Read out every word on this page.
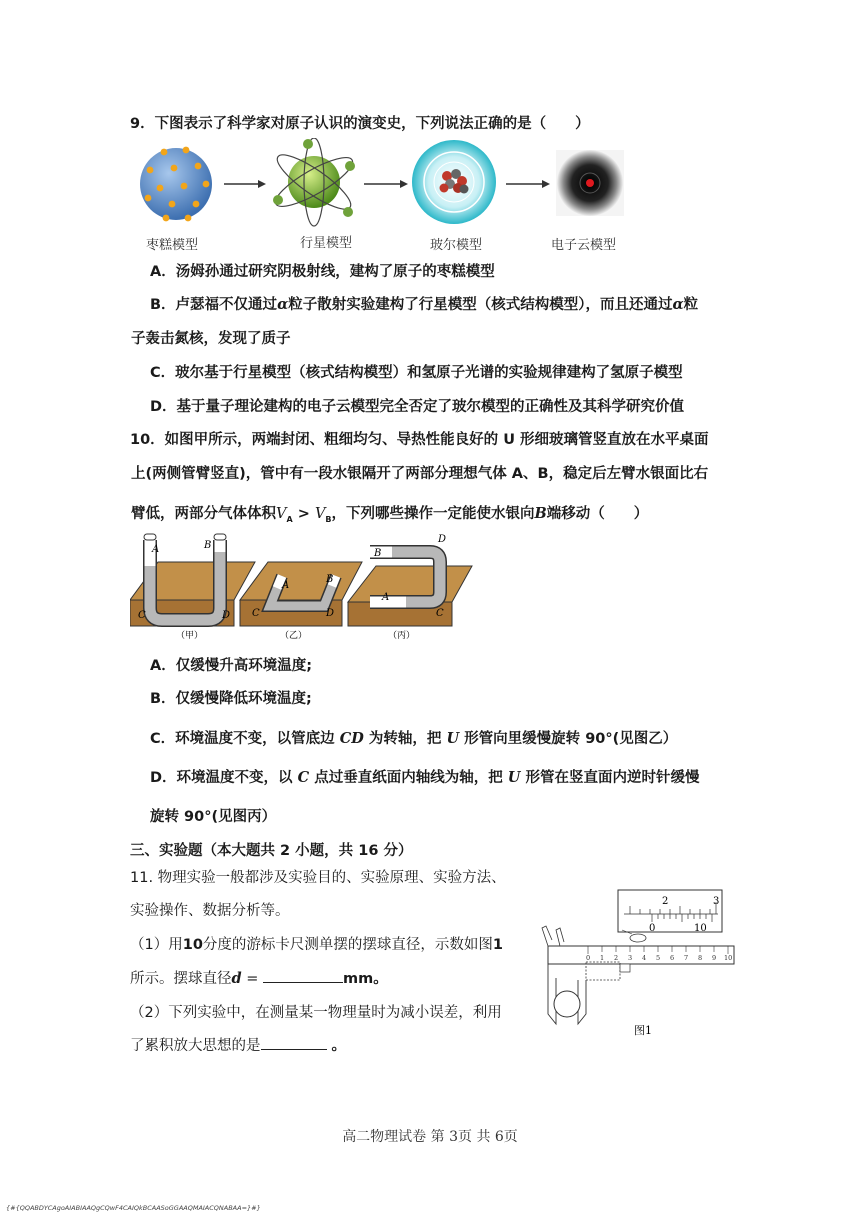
9．下图表示了科学家对原子认识的演变史，下列说法正确的是（　　）
枣糕模型	行星模型	玻尔模型	电子云模型
A．汤姆孙通过研究阴极射线，建构了原子的枣糕模型
B．卢瑟福不仅通过α粒子散射实验建构了行星模型（核式结构模型），而且还通过α粒
子轰击氮核，发现了质子
C．玻尔基于行星模型（核式结构模型）和氢原子光谱的实验规律建构了氢原子模型
D．基于量子理论建构的电子云模型完全否定了玻尔模型的正确性及其科学研究价值
10．如图甲所示，两端封闭、粗细均匀、导热性能良好的 U 形细玻璃管竖直放在水平桌面
上(两侧管臂竖直)，管中有一段水银隔开了两部分理想气体 A、B，稳定后左臂水银面比右
臂低，两部分气体体积$V_A > V_B$，下列哪些操作一定能使水银向B端移动（　　）
A	B
C	D
（甲）
A
B
C	D
（乙）
B
D
A
C
（丙）
A．仅缓慢升高环境温度;
B．仅缓慢降低环境温度;
C．环境温度不变，以管底边 CD 为转轴，把 U 形管向里缓慢旋转 90°(见图乙）
D．环境温度不变，以 C 点过垂直纸面内轴线为轴，把 U 形管在竖直面内逆时针缓慢
旋转 90°(见图丙）
三、实验题（本大题共 2 小题，共 16 分）
11. 物理实验一般都涉及实验目的、实验原理、实验方法、
实验操作、数据分析等。
（1）用10分度的游标卡尺测单摆的摆球直径，示数如图1
所示。摆球直径d =	mm。
（2）下列实验中，在测量某一物理量时为减小误差，利用
了累积放大思想的是	。
2	3
0	10
0 1 2 3 4 5 6 7 8 9 10
图1
高二物理试卷 第 3页 共 6页
{#{QQABDYCAgoAIABIAAQgCQwF4CAIQkBCAASoGGAAQMAIACQNABAA=}#}
